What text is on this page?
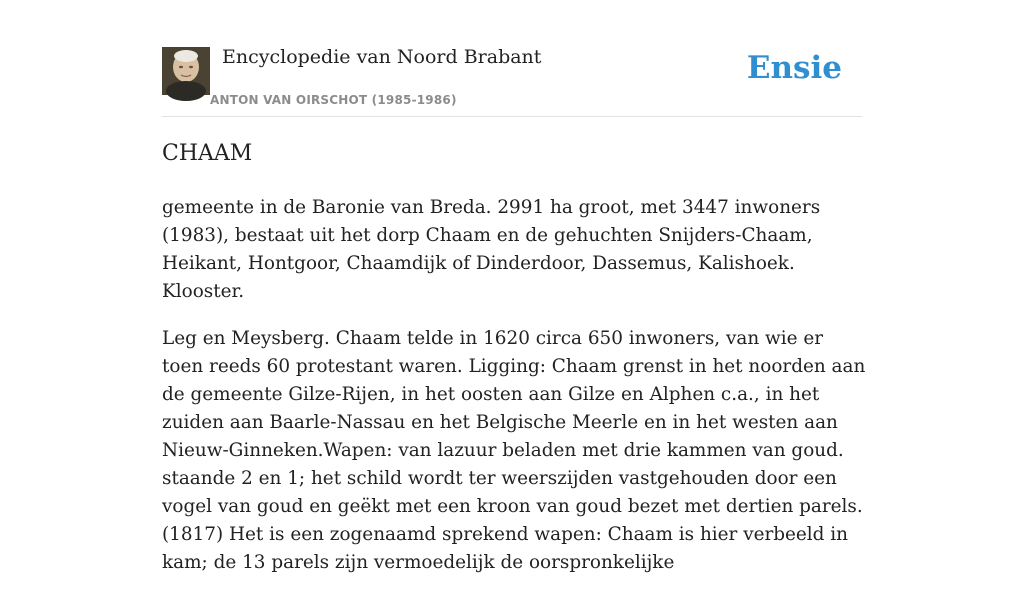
Encyclopedie van Noord Brabant
ANTON VAN OIRSCHOT (1985-1986)
Ensie
CHAAM

gemeente in de Baronie van Breda. 2991 ha groot, met 3447 inwoners (1983), bestaat uit het dorp Chaam en de gehuchten Snijders-Chaam, Heikant, Hontgoor, Chaamdijk of Dinderdoor, Dassemus, Kalishoek. Klooster.

Leg en Meysberg. Chaam telde in 1620 circa 650 inwoners, van wie er toen reeds 60 protestant waren. Ligging: Chaam grenst in het noorden aan de gemeente Gilze-Rijen, in het oosten aan Gilze en Alphen c.a., in het zuiden aan Baarle-Nassau en het Belgische Meerle en in het westen aan Nieuw-Ginneken.Wapen: van lazuur beladen met drie kammen van goud. staande 2 en 1; het schild wordt ter weerszijden vastgehouden door een vogel van goud en geëkt met een kroon van goud bezet met dertien parels. (1817) Het is een zogenaamd sprekend wapen: Chaam is hier verbeeld in kam; de 13 parels zijn vermoedelijk de oorspronkelijke
